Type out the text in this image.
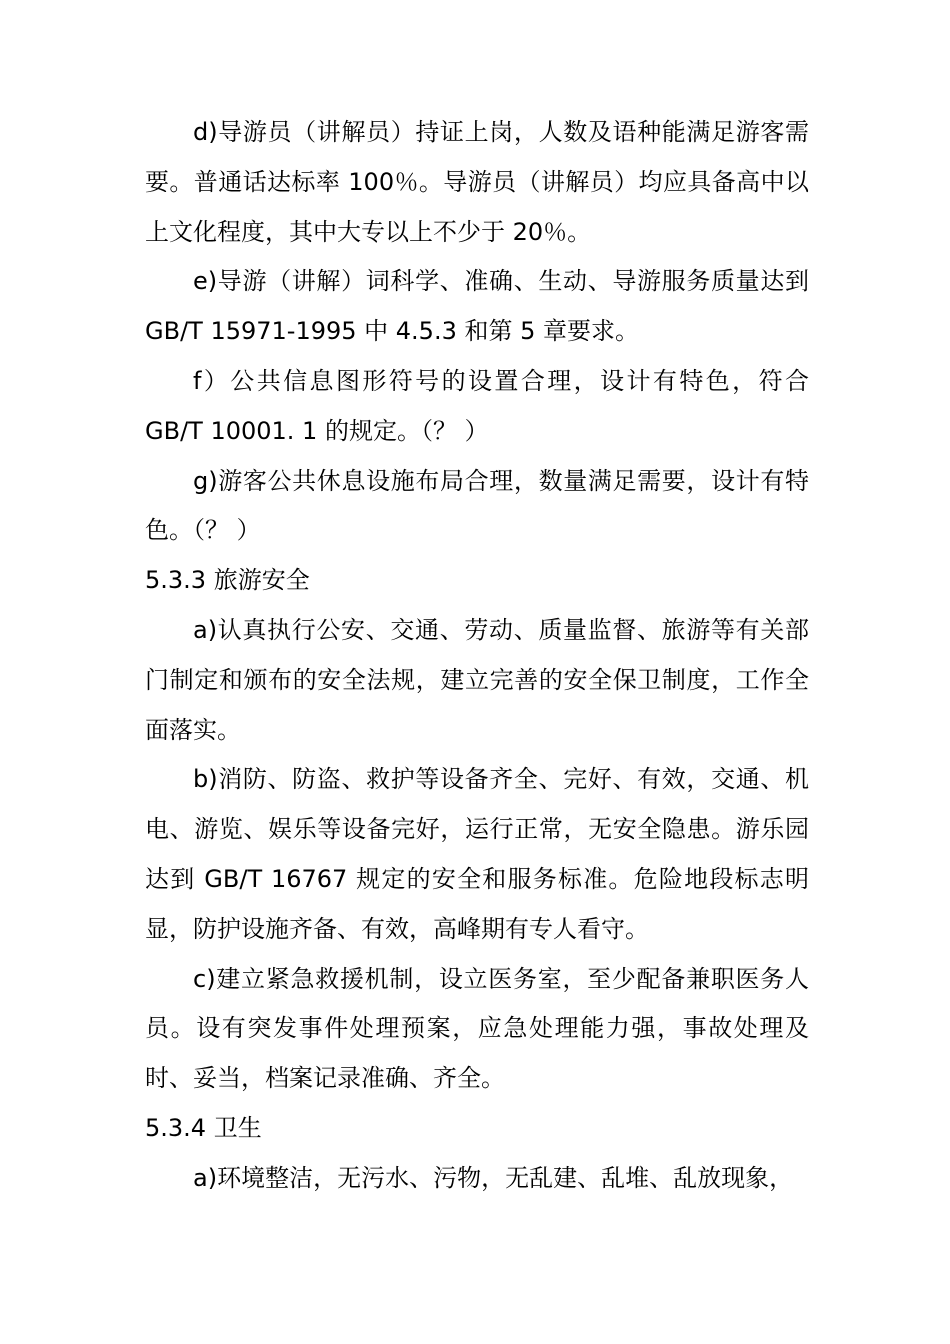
d)导游员（讲解员）持证上岗，人数及语种能满足游客需要。普通话达标率 100％。导游员（讲解员）均应具备高中以上文化程度，其中大专以上不少于 20％。

e)导游（讲解）词科学、准确、生动、导游服务质量达到 GB/T 15971-1995 中 4.5.3 和第 5 章要求。

f）公共信息图形符号的设置合理，设计有特色，符合 GB/T 10001. 1 的规定。（？ ）

g)游客公共休息设施布局合理，数量满足需要，设计有特色。（？ ）

5.3.3 旅游安全

a)认真执行公安、交通、劳动、质量监督、旅游等有关部门制定和颁布的安全法规，建立完善的安全保卫制度，工作全面落实。

b)消防、防盗、救护等设备齐全、完好、有效，交通、机电、游览、娱乐等设备完好，运行正常，无安全隐患。游乐园达到 GB/T 16767 规定的安全和服务标准。危险地段标志明显，防护设施齐备、有效，高峰期有专人看守。

c)建立紧急救援机制，设立医务室，至少配备兼职医务人员。设有突发事件处理预案，应急处理能力强，事故处理及时、妥当，档案记录准确、齐全。

5.3.4 卫生

a)环境整洁，无污水、污物，无乱建、乱堆、乱放现象，
